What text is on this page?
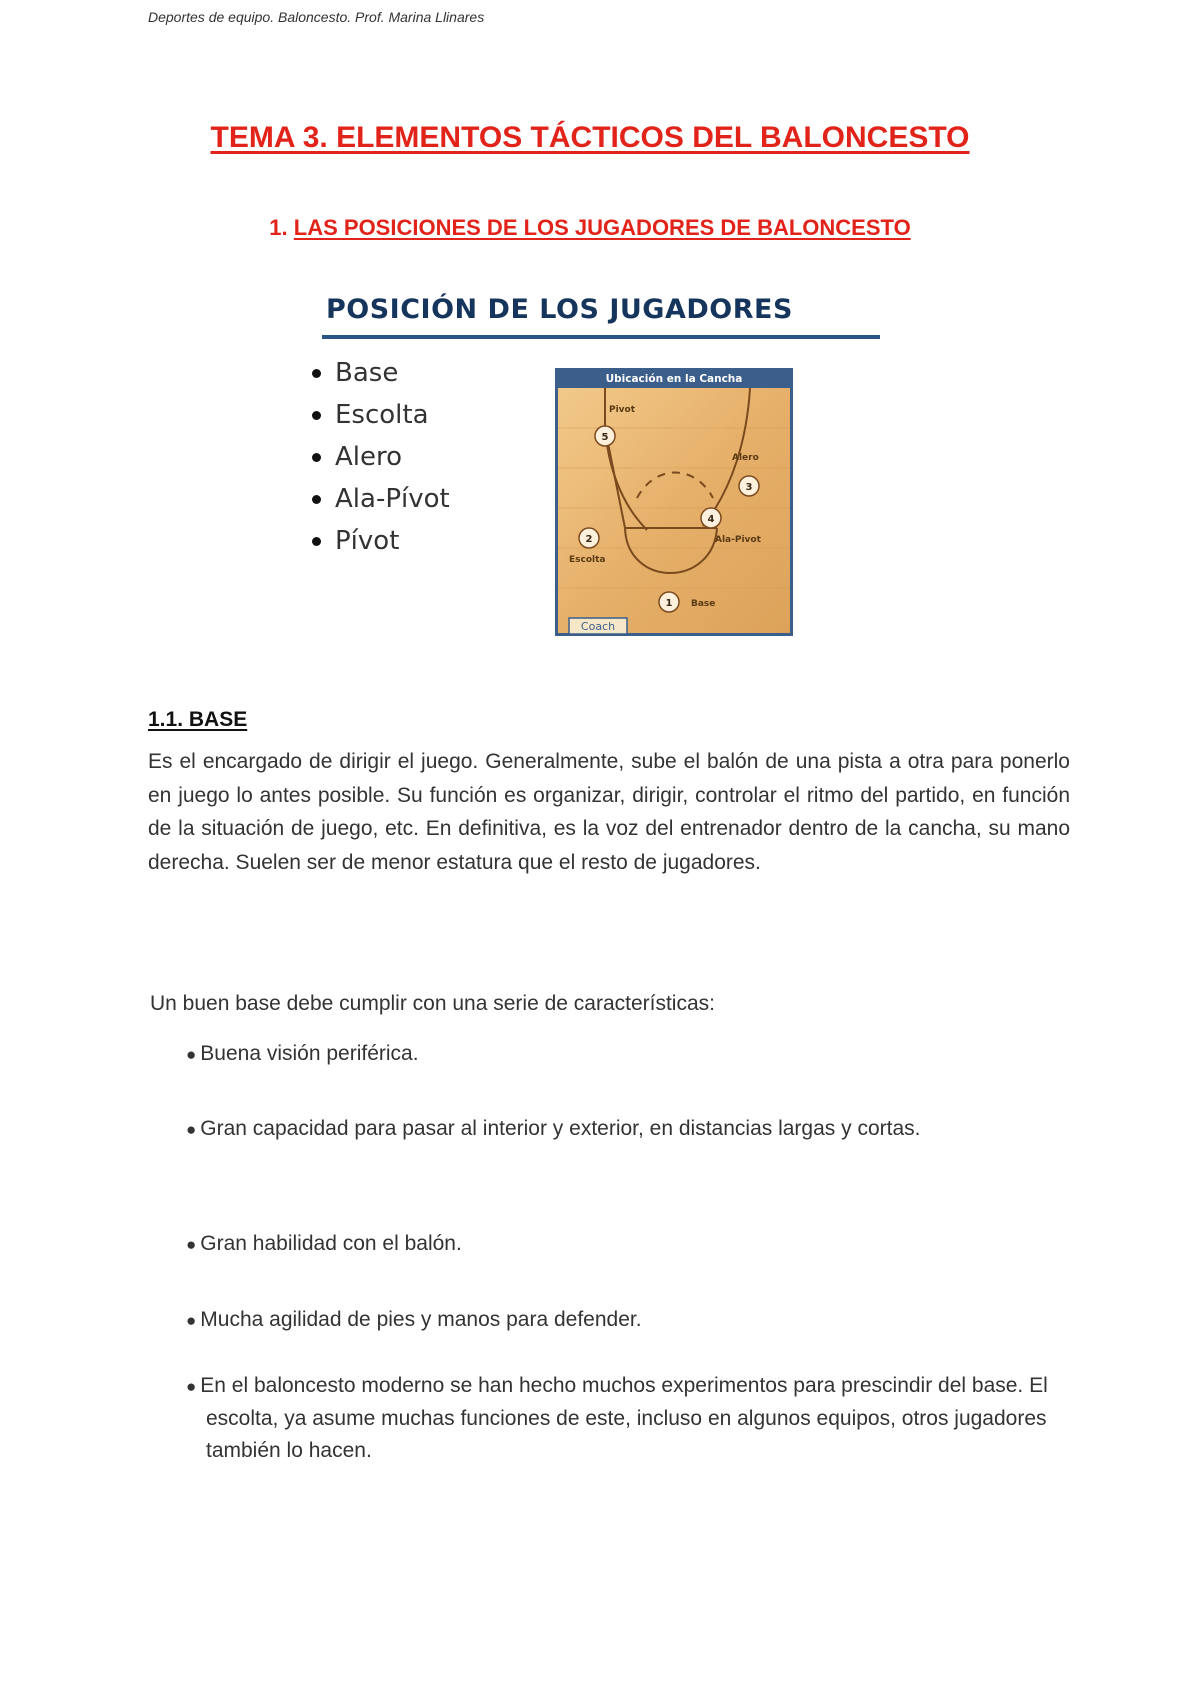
Deportes de equipo. Baloncesto. Prof. Marina Llinares
TEMA 3. ELEMENTOS TÁCTICOS DEL BALONCESTO
1. LAS POSICIONES DE LOS JUGADORES DE BALONCESTO
POSICIÓN DE LOS JUGADORES
Base
Escolta
Alero
Ala-Pívot
Pívot
Ubicación en la Cancha
5
Pivot
3
Alero
4
Ala-Pivot
2
Escolta
1 Base
Coach
1.1. BASE

Es el encargado de dirigir el juego. Generalmente, sube el balón de una pista a otra para ponerlo en juego lo antes posible. Su función es organizar, dirigir, controlar el ritmo del partido, en función de la situación de juego, etc. En definitiva, es la voz del entrenador dentro de la cancha, su mano derecha. Suelen ser de menor estatura que el resto de jugadores.

Un buen base debe cumplir con una serie de características:

● Buena visión periférica.

● Gran capacidad para pasar al interior y exterior, en distancias largas y cortas.

● Gran habilidad con el balón.

● Mucha agilidad de pies y manos para defender.

● En el baloncesto moderno se han hecho muchos experimentos para prescindir del base. El escolta, ya asume muchas funciones de este, incluso en algunos equipos, otros jugadores también lo hacen.
